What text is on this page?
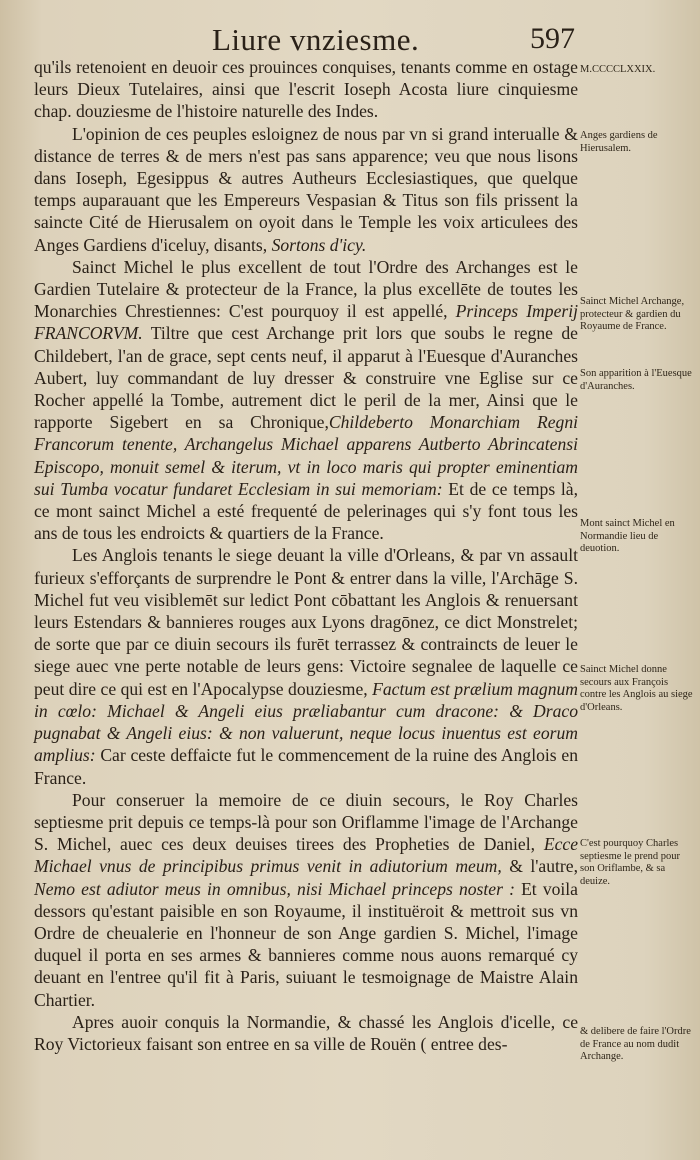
Liure vnziesme.	597

qu'ils retenoient en deuoir ces prouinces conquises, tenants comme en ostage leurs Dieux Tutelaires, ainsi que l'escrit Ioseph Acosta liure cinquiesme chap. douziesme de l'histoire naturelle des Indes.

L'opinion de ces peuples esloignez de nous par vn si grand interualle & distance de terres & de mers n'est pas sans apparence; veu que nous lisons dans Ioseph, Egesippus & autres Autheurs Ecclesiastiques, que quelque temps auparauant que les Empereurs Vespasian & Titus son fils prissent la saincte Cité de Hierusalem on oyoit dans le Temple les voix articulees des Anges Gardiens d'iceluy, disants, Sortons d'icy.

Sainct Michel le plus excellent de tout l'Ordre des Archanges est le Gardien Tutelaire & protecteur de la France, la plus excellēte de toutes les Monarchies Chrestiennes: C'est pourquoy il est appellé, Princeps Imperij FRANCORVM. Tiltre que cest Archange prit lors que soubs le regne de Childebert, l'an de grace, sept cents neuf, il apparut à l'Euesque d'Auranches Aubert, luy commandant de luy dresser & construire vne Eglise sur ce Rocher appellé la Tombe, autrement dict le peril de la mer, Ainsi que le rapporte Sigebert en sa Chronique,Childeberto Monarchiam Regni Francorum tenente, Archangelus Michael apparens Autberto Abrincatensi Episcopo, monuit semel & iterum, vt in loco maris qui propter eminentiam sui Tumba vocatur fundaret Ecclesiam in sui memoriam: Et de ce temps là, ce mont sainct Michel a esté frequenté de pelerinages qui s'y font tous les ans de tous les endroicts & quartiers de la France.

Les Anglois tenants le siege deuant la ville d'Orleans, & par vn assault furieux s'efforçants de surprendre le Pont & entrer dans la ville, l'Archāge S. Michel fut veu visiblemēt sur ledict Pont cōbattant les Anglois & renuersant leurs Estendars & bannieres rouges aux Lyons dragōnez, ce dict Monstrelet; de sorte que par ce diuin secours ils furēt terrassez & contraincts de leuer le siege auec vne perte notable de leurs gens: Victoire segnalee de laquelle ce peut dire ce qui est en l'Apocalypse douziesme, Factum est prælium magnum in cœlo: Michael & Angeli eius præliabantur cum dracone: & Draco pugnabat & Angeli eius: & non valuerunt, neque locus inuentus est eorum amplius: Car ceste deffaicte fut le commencement de la ruine des Anglois en France.

Pour conseruer la memoire de ce diuin secours, le Roy Charles septiesme prit depuis ce temps-là pour son Oriflamme l'image de l'Archange S. Michel, auec ces deux deuises tirees des Propheties de Daniel, Ecce Michael vnus de principibus primus venit in adiutorium meum, & l'autre, Nemo est adiutor meus in omnibus, nisi Michael princeps noster : Et voila dessors qu'estant paisible en son Royaume, il instituëroit & mettroit sus vn Ordre de cheualerie en l'honneur de son Ange gardien S. Michel, l'image duquel il porta en ses armes & bannieres comme nous auons remarqué cy deuant en l'entree qu'il fit à Paris, suiuant le tesmoignage de Maistre Alain Chartier.

Apres auoir conquis la Normandie, & chassé les Anglois d'icelle, ce Roy Victorieux faisant son entree en sa ville de Rouën ( entree des-

M.CCCCLXXIX.
Anges gardiens de Hierusalem.
Sainct Michel Archange, protecteur & gardien du Royaume de France.
Son apparition à l'Euesque d'Auranches.
Mont sainct Michel en Normandie lieu de deuotion.
Sainct Michel donne secours aux François contre les Anglois au siege d'Orleans.
C'est pourquoy Charles septiesme le prend pour son Oriflambe, & sa deuize.
& delibere de faire l'Ordre de France au nom dudit Archange.
